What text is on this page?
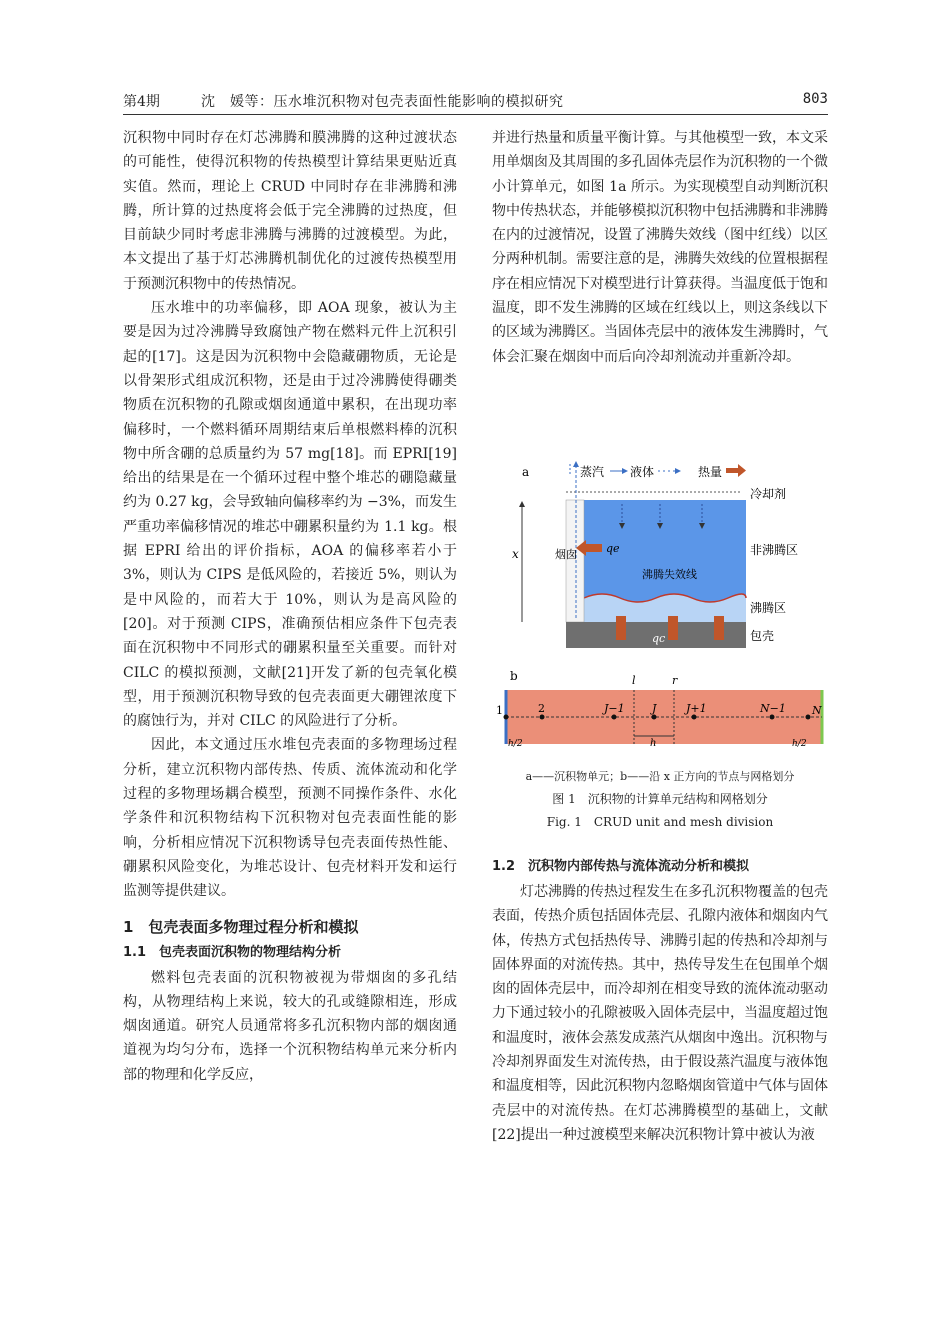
第4期	沈　媛等：压水堆沉积物对包壳表面性能影响的模拟研究	803

沉积物中同时存在灯芯沸腾和膜沸腾的这种过渡状态的可能性，使得沉积物的传热模型计算结果更贴近真实值。然而，理论上 CRUD 中同时存在非沸腾和沸腾，所计算的过热度将会低于完全沸腾的过热度，但目前缺少同时考虑非沸腾与沸腾的过渡模型。为此，本文提出了基于灯芯沸腾机制优化的过渡传热模型用于预测沉积物中的传热情况。

压水堆中的功率偏移，即 AOA 现象，被认为主要是因为过冷沸腾导致腐蚀产物在燃料元件上沉积引起的[17]。这是因为沉积物中会隐藏硼物质，无论是以骨架形式组成沉积物，还是由于过冷沸腾使得硼类物质在沉积物的孔隙或烟囱通道中累积，在出现功率偏移时，一个燃料循环周期结束后单根燃料棒的沉积物中所含硼的总质量约为 57 mg[18]。而 EPRI[19] 给出的结果是在一个循环过程中整个堆芯的硼隐藏量约为 0.27 kg，会导致轴向偏移率约为 −3%，而发生严重功率偏移情况的堆芯中硼累积量约为 1.1 kg。根据 EPRI 给出的评价指标，AOA 的偏移率若小于 3%，则认为 CIPS 是低风险的，若接近 5%，则认为是中风险的，而若大于 10%，则认为是高风险的[20]。对于预测 CIPS，准确预估相应条件下包壳表面在沉积物中不同形式的硼累积量至关重要。而针对 CILC 的模拟预测，文献[21]开发了新的包壳氧化模型，用于预测沉积物导致的包壳表面更大硼锂浓度下的腐蚀行为，并对 CILC 的风险进行了分析。

因此，本文通过压水堆包壳表面的多物理场过程分析，建立沉积物内部传热、传质、流体流动和化学过程的多物理场耦合模型，预测不同操作条件、水化学条件和沉积物结构下沉积物对包壳表面性能的影响，分析相应情况下沉积物诱导包壳表面传热性能、硼累积风险变化，为堆芯设计、包壳材料开发和运行监测等提供建议。

1　包壳表面多物理过程分析和模拟
1.1　包壳表面沉积物的物理结构分析

燃料包壳表面的沉积物被视为带烟囱的多孔结构，从物理结构上来说，较大的孔或缝隙相连，形成烟囱通道。研究人员通常将多孔沉积物内部的烟囱通道视为均匀分布，选择一个沉积物结构单元来分析内部的物理和化学反应，

并进行热量和质量平衡计算。与其他模型一致，本文采用单烟囱及其周围的多孔固体壳层作为沉积物的一个微小计算单元，如图 1a 所示。为实现模型自动判断沉积物中传热状态，并能够模拟沉积物中包括沸腾和非沸腾在内的过渡情况，设置了沸腾失效线（图中红线）以区分两种机制。需要注意的是，沸腾失效线的位置根据程序在相应情况下对模型进行计算获得。当温度低于饱和温度，即不发生沸腾的区域在红线以上，则这条线以下的区域为沸腾区。当固体壳层中的液体发生沸腾时，气体会汇聚在烟囱中而后向冷却剂流动并重新冷却。

a	蒸汽 液体	热量
冷却剂
烟囱	qe
沸腾失效线
非沸腾区
沸腾区
qc	包壳
x
b	l	r
1	2	J−1 J	J+1	N−1 N
h
h/2	h/2
a——沉积物单元；b——沿 x 正方向的节点与网格划分
图 1　沉积物的计算单元结构和网格划分
Fig. 1　CRUD unit and mesh division
1.2　沉积物内部传热与流体流动分析和模拟

灯芯沸腾的传热过程发生在多孔沉积物覆盖的包壳表面，传热介质包括固体壳层、孔隙内液体和烟囱内气体，传热方式包括热传导、沸腾引起的传热和冷却剂与固体界面的对流传热。其中，热传导发生在包围单个烟囱的固体壳层中，而冷却剂在相变导致的流体流动驱动力下通过较小的孔隙被吸入固体壳层中，当温度超过饱和温度时，液体会蒸发成蒸汽从烟囱中逸出。沉积物与冷却剂界面发生对流传热，由于假设蒸汽温度与液体饱和温度相等，因此沉积物内忽略烟囱管道中气体与固体壳层中的对流传热。在灯芯沸腾模型的基础上，文献[22]提出一种过渡模型来解决沉积物计算中被认为液
